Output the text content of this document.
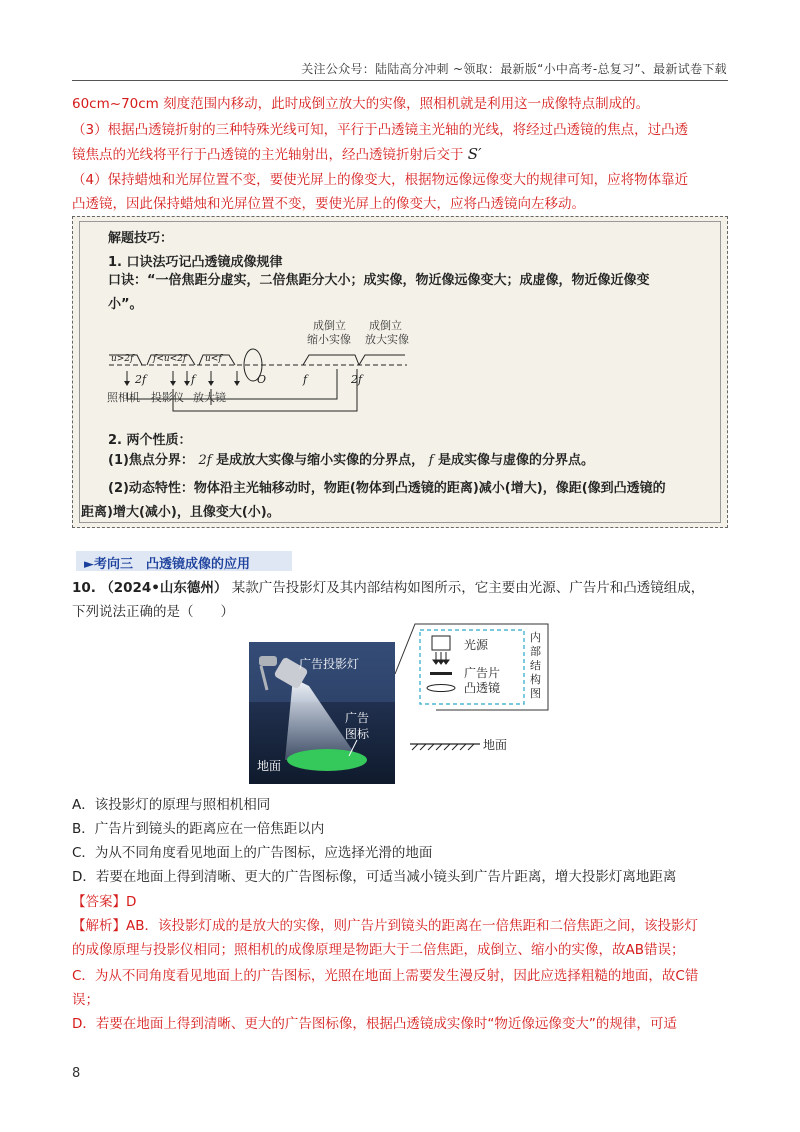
关注公众号：陆陆高分冲刺 ~领取：最新版“小中高考-总复习”、最新试卷下载
60cm~70cm 刻度范围内移动，此时成倒立放大的实像，照相机就是利用这一成像特点制成的。
（3）根据凸透镜折射的三种特殊光线可知，平行于凸透镜主光轴的光线，将经过凸透镜的焦点，过凸透
镜焦点的光线将平行于凸透镜的主光轴射出，经凸透镜折射后交于 S′
（4）保持蜡烛和光屏位置不变，要使光屏上的像变大，根据物远像远像变大的规律可知，应将物体靠近
凸透镜，因此保持蜡烛和光屏位置不变，要使光屏上的像变大，应将凸透镜向左移动。
解题技巧：
1. 口诀法巧记凸透镜成像规律
口诀：“一倍焦距分虚实，二倍焦距分大小；成实像，物近像远像变大；成虚像，物近像近像变
小”。
u>2f f<u<2f u<f
2f	f	O	f	2f
照相机 投影仪 放大镜
成倒立
缩小实像
成倒立
放大实像
2. 两个性质：
(1)焦点分界： 2f 是成放大实像与缩小实像的分界点， f 是成实像与虚像的分界点。
(2)动态特性：物体沿主光轴移动时，物距(物体到凸透镜的距离)减小(增大)，像距(像到凸透镜的
距离)增大(减小)，且像变大(小)。
►考向三　凸透镜成像的应用
10. （2024•山东德州） 某款广告投影灯及其内部结构如图所示，它主要由光源、广告片和凸透镜组成，
下列说法正确的是（　　）
广告投影灯
广告
图标
地面
光源
广告片
凸透镜
内
部
结
构
图
地面
A．该投影灯的原理与照相机相同
B．广告片到镜头的距离应在一倍焦距以内
C．为从不同角度看见地面上的广告图标，应选择光滑的地面
D．若要在地面上得到清晰、更大的广告图标像，可适当减小镜头到广告片距离，增大投影灯离地距离
【答案】D
【解析】AB．该投影灯成的是放大的实像，则广告片到镜头的距离在一倍焦距和二倍焦距之间，该投影灯
的成像原理与投影仪相同；照相机的成像原理是物距大于二倍焦距，成倒立、缩小的实像，故AB错误；
C．为从不同角度看见地面上的广告图标，光照在地面上需要发生漫反射，因此应选择粗糙的地面，故C错
误；
D．若要在地面上得到清晰、更大的广告图标像，根据凸透镜成实像时“物近像远像变大”的规律，可适
8
